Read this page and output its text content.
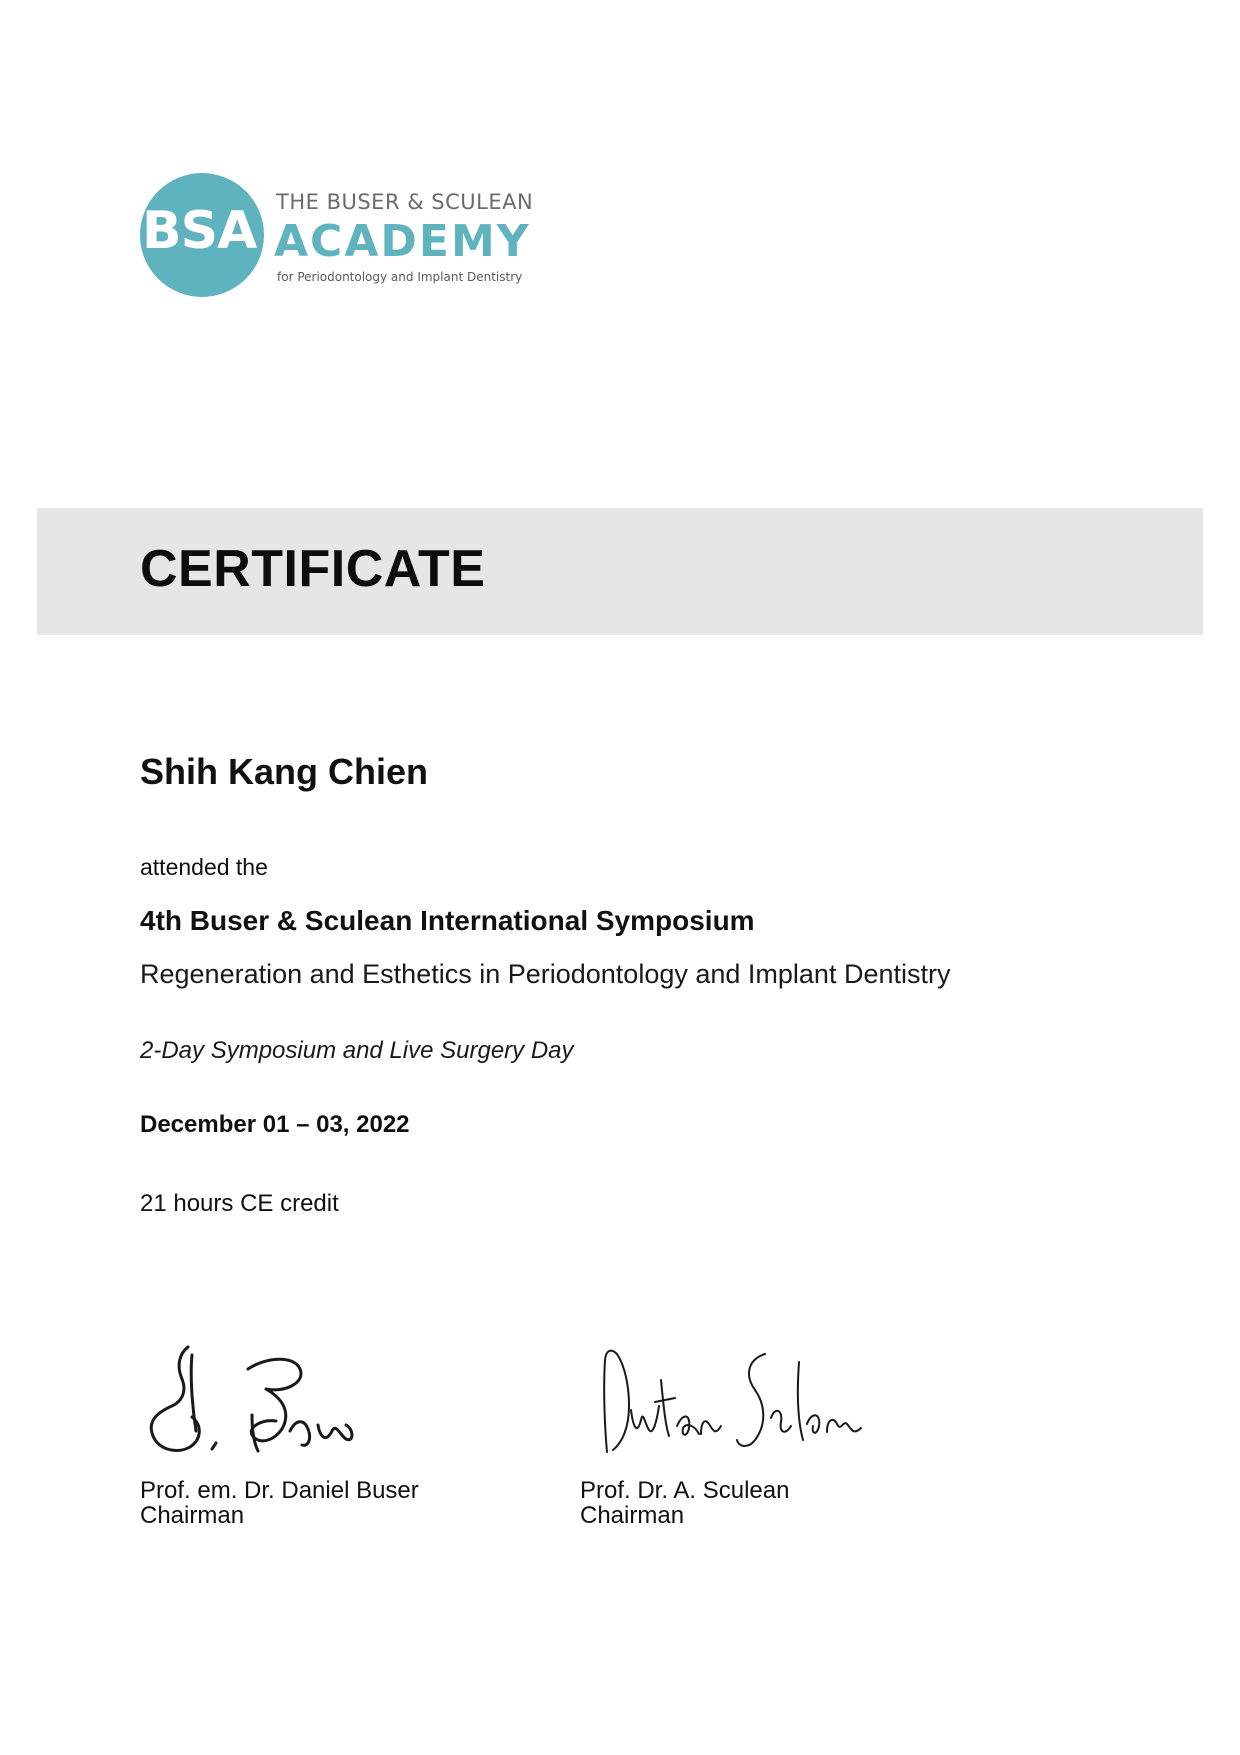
BSA THE BUSER & SCULEAN
ACADEMY
for Periodontology and Implant Dentistry
CERTIFICATE
Shih Kang Chien
attended the
4th Buser & Sculean International Symposium
Regeneration and Esthetics in Periodontology and Implant Dentistry
2-Day Symposium and Live Surgery Day
December 01 – 03, 2022
21 hours CE credit
Prof. em. Dr. Daniel Buser
Chairman
Prof. Dr. A. Sculean
Chairman
